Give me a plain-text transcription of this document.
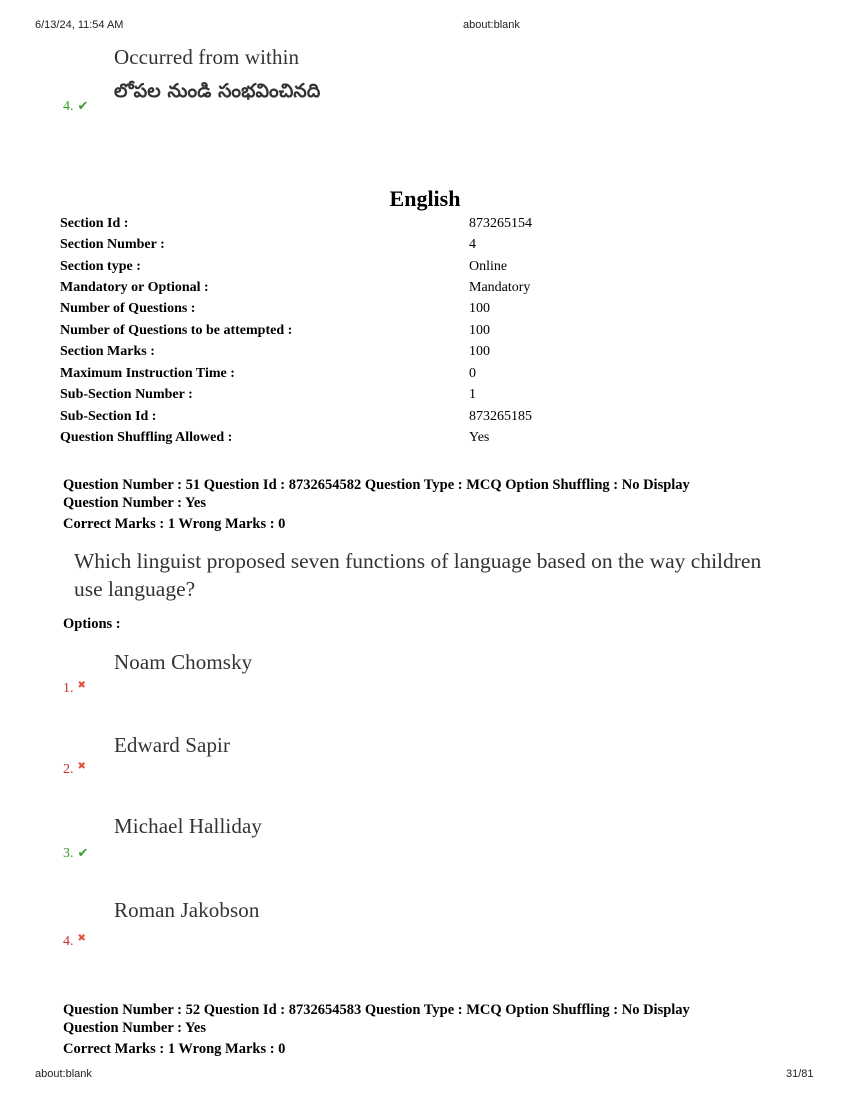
6/13/24, 11:54 AM	about:blank
Occurred from within
లోపల నుండి సంభవించినది
4. ✔
English
Section Id :	873265154
Section Number :	4
Section type :	Online
Mandatory or Optional :	Mandatory
Number of Questions :	100
Number of Questions to be attempted :	100
Section Marks :	100
Maximum Instruction Time :	0
Sub-Section Number :	1
Sub-Section Id :	873265185
Question Shuffling Allowed :	Yes
Question Number : 51 Question Id : 8732654582 Question Type : MCQ Option Shuffling : No Display
Question Number : Yes
Correct Marks : 1 Wrong Marks : 0
Which linguist proposed seven functions of language based on the way children use language?
Options :
Noam Chomsky
1. ✖
Edward Sapir
2. ✖
Michael Halliday
3. ✔
Roman Jakobson
4. ✖
Question Number : 52 Question Id : 8732654583 Question Type : MCQ Option Shuffling : No Display
Question Number : Yes
Correct Marks : 1 Wrong Marks : 0
about:blank	31/81
